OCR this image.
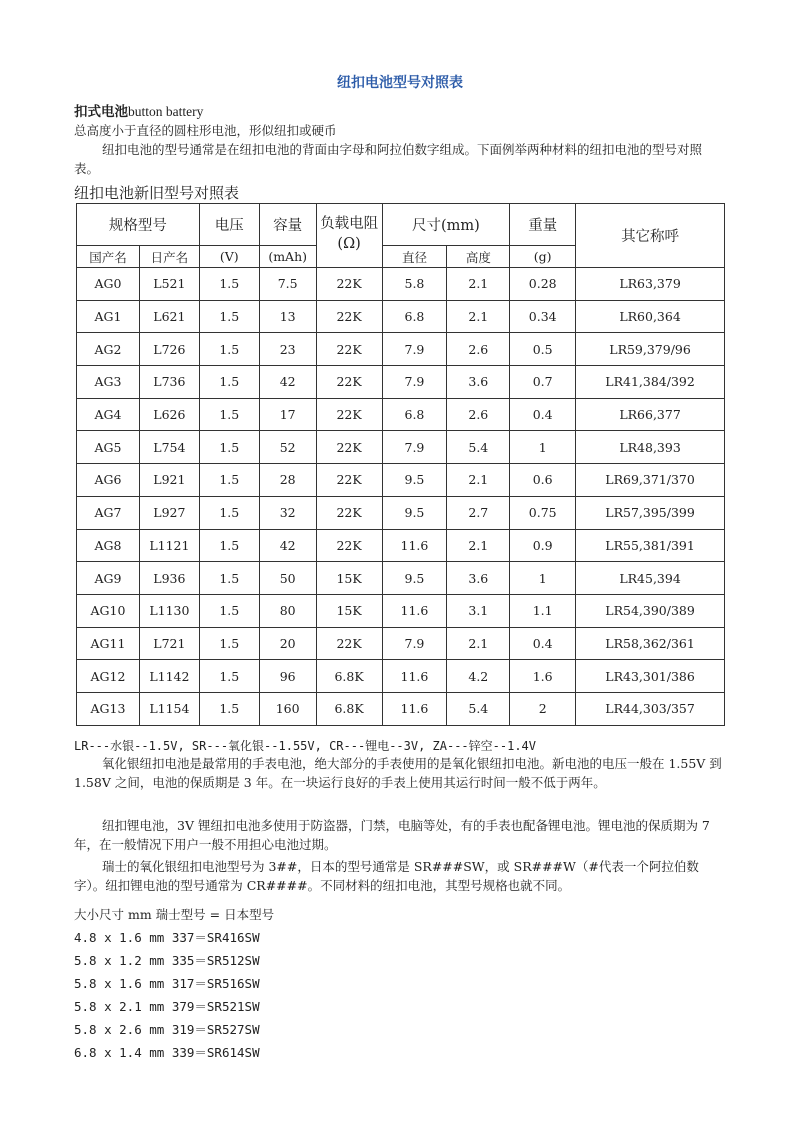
纽扣电池型号对照表
扣式电池button battery
总高度小于直径的圆柱形电池，形似纽扣或硬币
纽扣电池的型号通常是在纽扣电池的背面由字母和阿拉伯数字组成。下面例举两种材料的纽扣电池的型号对照表。
纽扣电池新旧型号对照表
规格型号		电压	容量	负载电阻
(Ω)	尺寸(mm)		重量	其它称呼
国产名	日产名	(V)	(mAh)		直径	高度	(g)	
AG0	L521	1.5	7.5	22K	5.8	2.1	0.28	LR63,379
AG1	L621	1.5	13	22K	6.8	2.1	0.34	LR60,364
AG2	L726	1.5	23	22K	7.9	2.6	0.5	LR59,379/96
AG3	L736	1.5	42	22K	7.9	3.6	0.7	LR41,384/392
AG4	L626	1.5	17	22K	6.8	2.6	0.4	LR66,377
AG5	L754	1.5	52	22K	7.9	5.4	1	LR48,393
AG6	L921	1.5	28	22K	9.5	2.1	0.6	LR69,371/370
AG7	L927	1.5	32	22K	9.5	2.7	0.75	LR57,395/399
AG8	L1121	1.5	42	22K	11.6	2.1	0.9	LR55,381/391
AG9	L936	1.5	50	15K	9.5	3.6	1	LR45,394
AG10	L1130	1.5	80	15K	11.6	3.1	1.1	LR54,390/389
AG11	L721	1.5	20	22K	7.9	2.1	0.4	LR58,362/361
AG12	L1142	1.5	96	6.8K	11.6	4.2	1.6	LR43,301/386
AG13	L1154	1.5	160	6.8K	11.6	5.4	2	LR44,303/357
LR---水银--1.5V, SR---氧化银--1.55V, CR---锂电--3V, ZA---锌空--1.4V
氧化银纽扣电池是最常用的手表电池，绝大部分的手表使用的是氧化银纽扣电池。新电池的电压一般在 1.55V 到 1.58V 之间，电池的保质期是 3 年。在一块运行良好的手表上使用其运行时间一般不低于两年。
纽扣锂电池，3V 锂纽扣电池多使用于防盗器，门禁，电脑等处，有的手表也配备锂电池。锂电池的保质期为 7 年，在一般情况下用户一般不用担心电池过期。
瑞士的氧化银纽扣电池型号为 3##，日本的型号通常是 SR###SW，或 SR###W（#代表一个阿拉伯数字）。纽扣锂电池的型号通常为 CR####。不同材料的纽扣电池，其型号规格也就不同。
大小尺寸 mm 瑞士型号 = 日本型号
4.8 x 1.6 mm 337＝SR416SW
5.8 x 1.2 mm 335＝SR512SW
5.8 x 1.6 mm 317＝SR516SW
5.8 x 2.1 mm 379＝SR521SW
5.8 x 2.6 mm 319＝SR527SW
6.8 x 1.4 mm 339＝SR614SW
